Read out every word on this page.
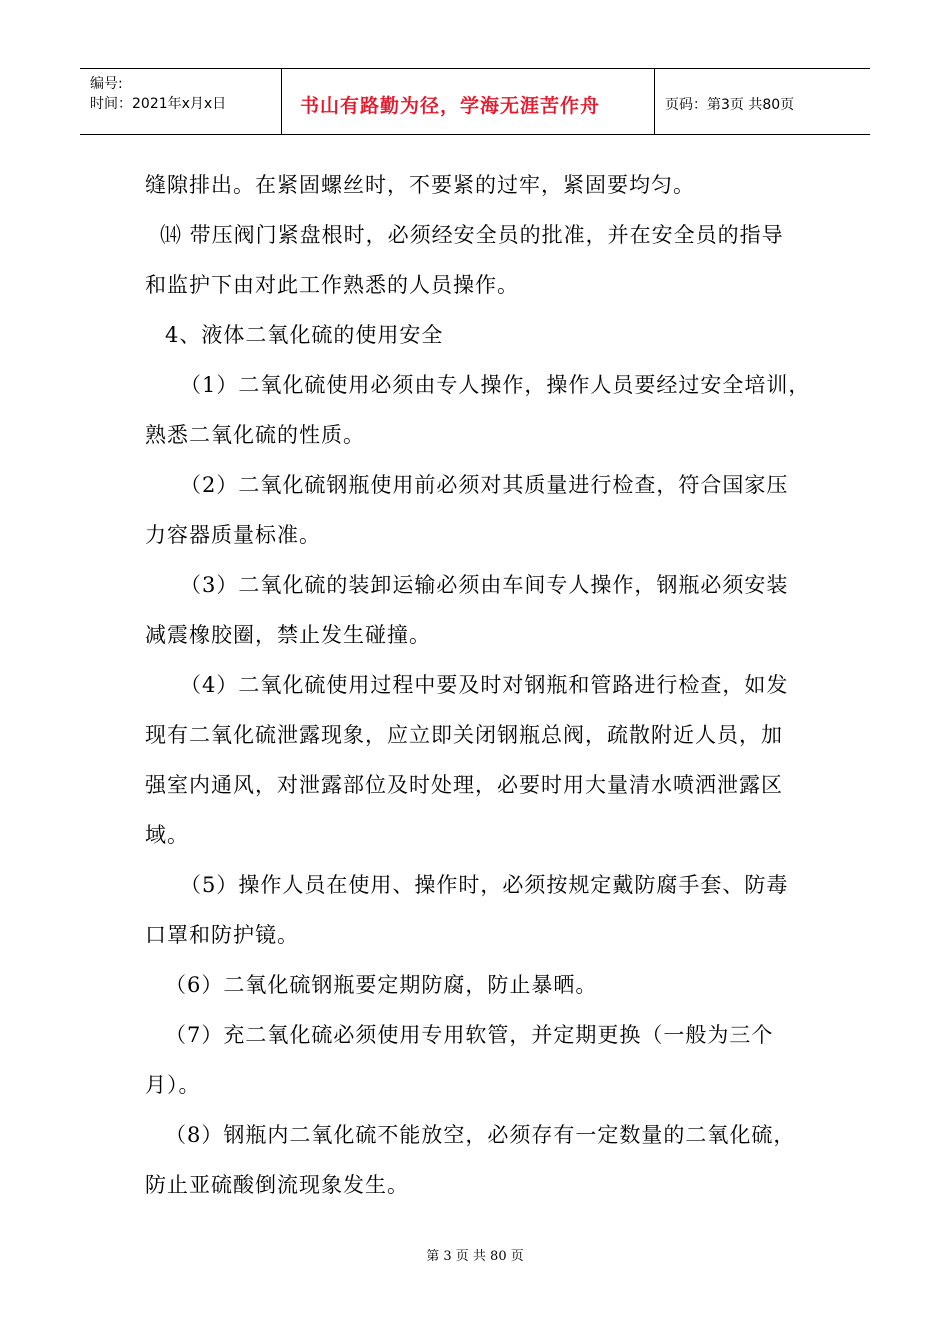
编号:
时间：2021年x月x日	书山有路勤为径，学海无涯苦作舟	页码：第3页 共80页
缝隙排出。在紧固螺丝时，不要紧的过牢，紧固要均匀。
⒁ 带压阀门紧盘根时，必须经安全员的批准，并在安全员的指导
和监护下由对此工作熟悉的人员操作。
4、液体二氧化硫的使用安全
（1）二氧化硫使用必须由专人操作，操作人员要经过安全培训，
熟悉二氧化硫的性质。
（2）二氧化硫钢瓶使用前必须对其质量进行检查，符合国家压
力容器质量标准。
（3）二氧化硫的装卸运输必须由车间专人操作，钢瓶必须安装
减震橡胶圈，禁止发生碰撞。
（4）二氧化硫使用过程中要及时对钢瓶和管路进行检查，如发
现有二氧化硫泄露现象，应立即关闭钢瓶总阀，疏散附近人员，加
强室内通风，对泄露部位及时处理，必要时用大量清水喷洒泄露区
域。
（5）操作人员在使用、操作时，必须按规定戴防腐手套、防毒
口罩和防护镜。
（6）二氧化硫钢瓶要定期防腐，防止暴晒。
（7）充二氧化硫必须使用专用软管，并定期更换（一般为三个
月）。
（8）钢瓶内二氧化硫不能放空，必须存有一定数量的二氧化硫，
防止亚硫酸倒流现象发生。
第 3 页 共 80 页
